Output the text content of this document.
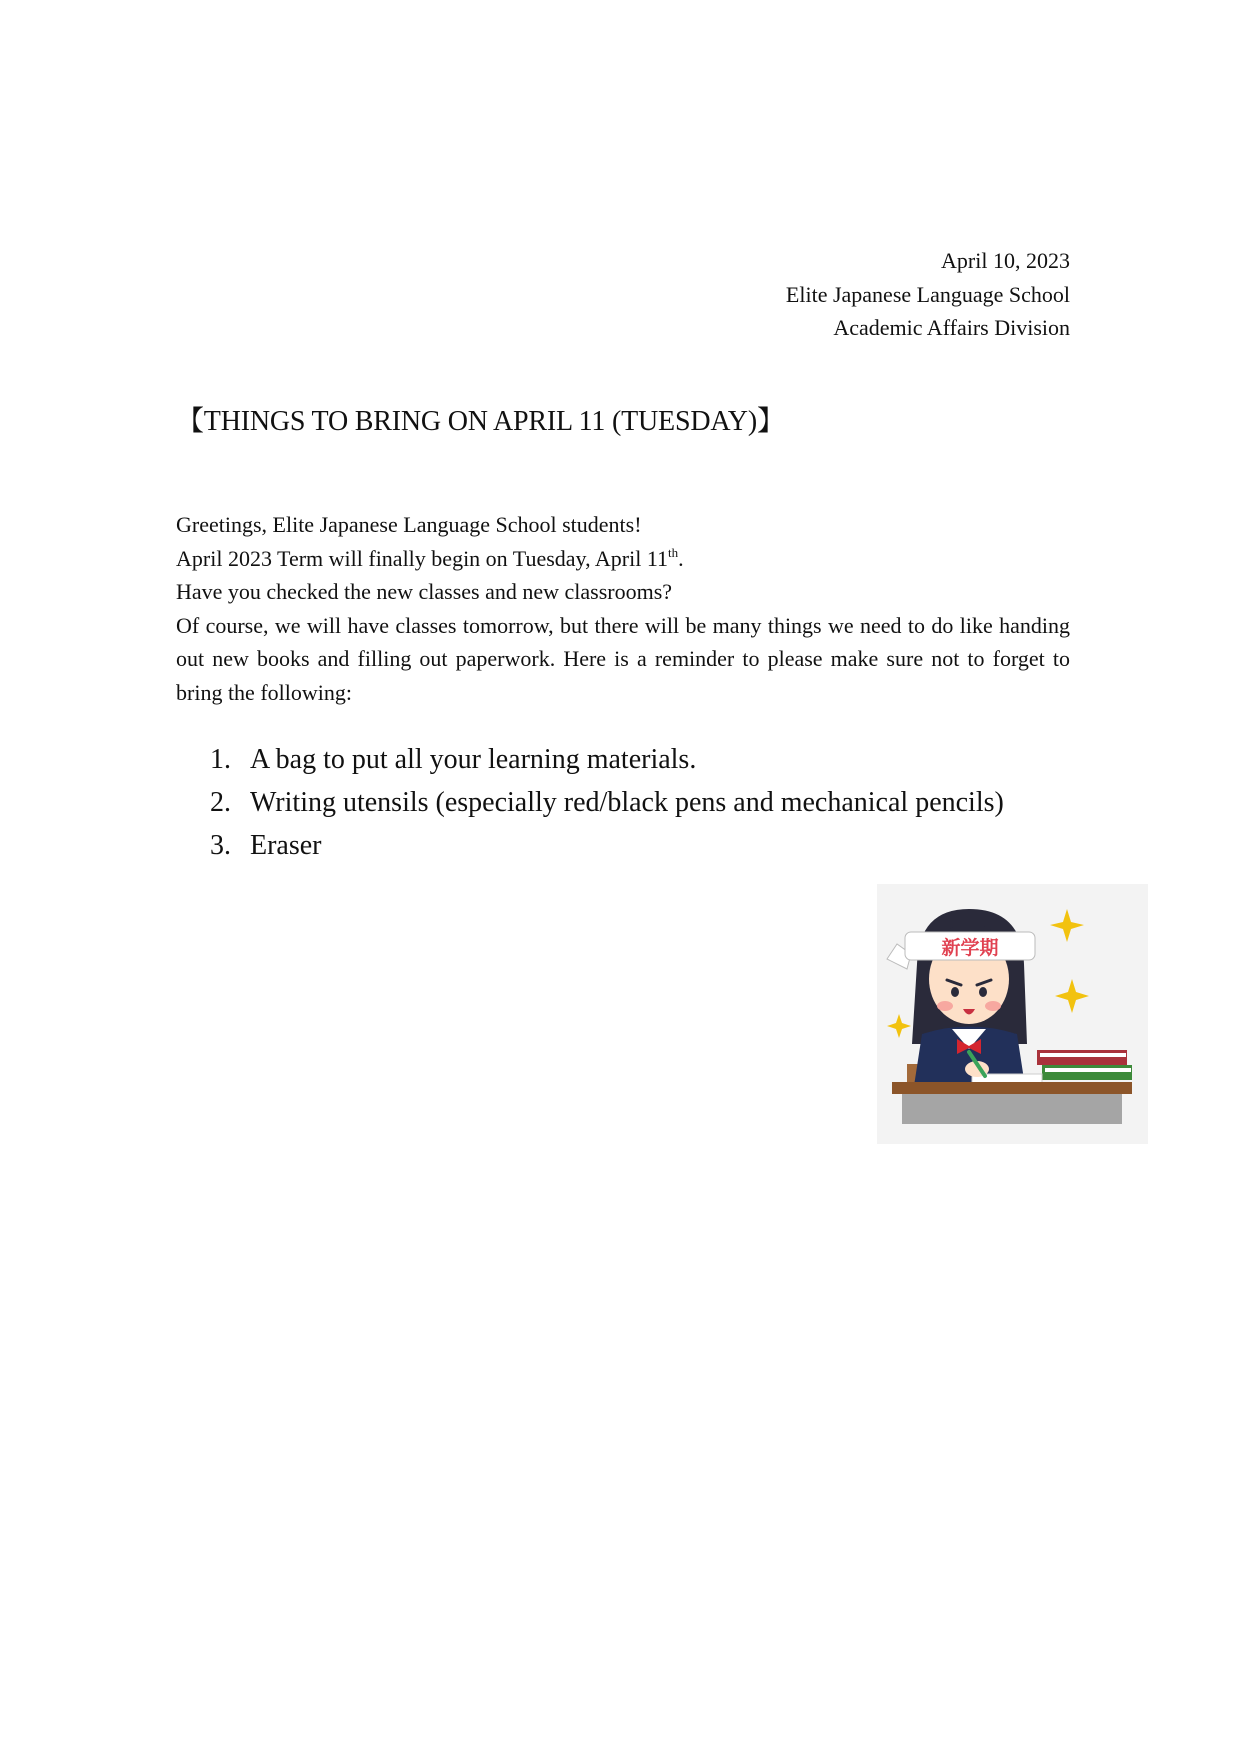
April 10, 2023
Elite Japanese Language School
Academic Affairs Division
【THINGS TO BRING ON APRIL 11 (TUESDAY)】

Greetings, Elite Japanese Language School students!

April 2023 Term will finally begin on Tuesday, April 11th.

Have you checked the new classes and new classrooms?

Of course, we will have classes tomorrow, but there will be many things we need to do like handing out new books and filling out paperwork. Here is a reminder to please make sure not to forget to bring the following:

1. A bag to put all your learning materials.
2. Writing utensils (especially red/black pens and mechanical pencils)
3. Eraser
新学期
